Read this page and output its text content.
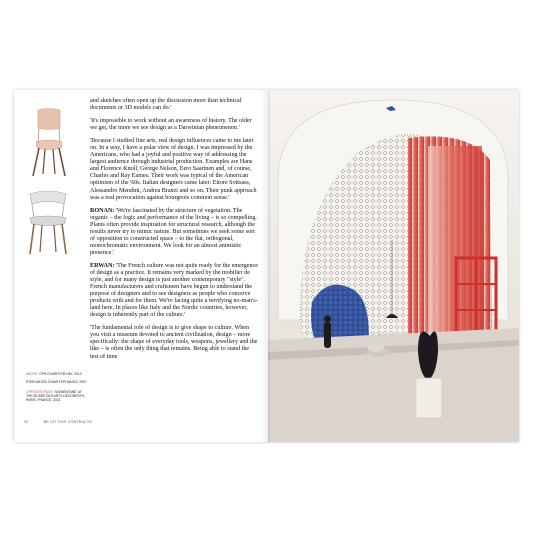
ABOVE: CPH CHAIR FOR HAY, 2012.
STEELWOOD CHAIR FOR MAGIS, 2007.
OPPOSITE PAGE: 'MOMENTANÉ' AT THE MUSÉE DES ARTS DÉCORATIFS, PARIS, FRANCE, 2013.

and sketches often open up the discussion more than technical documents or 3D models can do.'

'It's impossible to work without an awareness of history. The older we get, the more we see design as a Darwinian phenomenon.'

'Because I studied fine arts, real design influences came to me later on. In a way, I have a polar view of design. I was impressed by the Americans, who had a joyful and positive way of addressing the largest audience through industrial production. Examples are Hans and Florence Knoll, George Nelson, Eero Saarinen and, of course, Charles and Ray Eames. Their work was typical of the American optimism of the '60s. Italian designers came later: Ettore Sottsass, Alessandro Mendini, Andrea Branzi and so on. Their punk approach was a real provocation against bourgeois common sense.'

RONAN: 'We're fascinated by the structure of vegetation. The organic – the logic and performance of the living – is so compelling. Plants often provide inspiration for structural research, although the results never try to mimic nature. But sometimes we seek some sort of opposition to constructed space – to the flat, orthogonal, monochromatic environment. We look for an almost animistic presence.'

ERWAN: 'The French culture was not quite ready for the emergence of design as a practice. It remains very marked by the mobilier de style, and for many design is just another contemporary "style". French manufacturers and craftsmen have begun to understand the purpose of designers and to see designers as people who conceive products with and for them. We're facing quite a terrifying no-man's-land here. In places like Italy and the Nordic countries, however, design is inherently part of the culture.'

'The fundamental role of design is to give shape to culture. When you visit a museum devoted to ancient civilization, design – more specifically: the shape of everyday tools, weapons, jewellery and the like – is often the only thing that remains. Being able to stand the test of time

32	BE HIT FOR CONTRACTS
